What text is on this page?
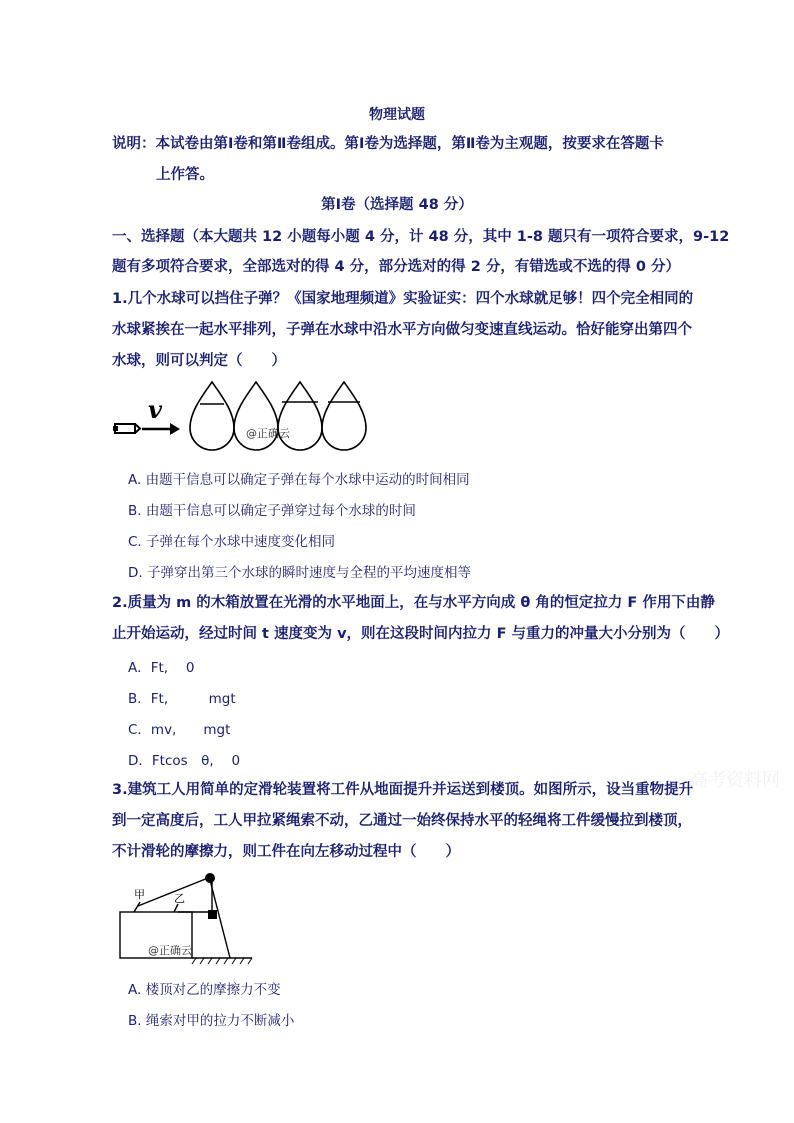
物理试题
说明：本试卷由第Ⅰ卷和第Ⅱ卷组成。第Ⅰ卷为选择题，第Ⅱ卷为主观题，按要求在答题卡
上作答。
第Ⅰ卷（选择题 48 分）
一、选择题（本大题共 12 小题每小题 4 分，计 48 分，其中 1-8 题只有一项符合要求，9-12
题有多项符合要求，全部选对的得 4 分，部分选对的得 2 分，有错选或不选的得 0 分）
1.几个水球可以挡住子弹？《国家地理频道》实验证实：四个水球就足够！四个完全相同的
水球紧挨在一起水平排列，子弹在水球中沿水平方向做匀变速直线运动。恰好能穿出第四个
水球，则可以判定（　　）
v
@正确云
A. 由题干信息可以确定子弹在每个水球中运动的时间相同
B. 由题干信息可以确定子弹穿过每个水球的时间
C. 子弹在每个水球中速度变化相同
D. 子弹穿出第三个水球的瞬时速度与全程的平均速度相等
2.质量为 m 的木箱放置在光滑的水平地面上，在与水平方向成 θ 角的恒定拉力 F 作用下由静
止开始运动，经过时间 t 速度变为 v，则在这段时间内拉力 F 与重力的冲量大小分别为（　　）
A．Ft,　 0
B．Ft,　　　mgt
C．mv,　　mgt
D．Ftcos　θ,　 0
高考资料网
3.建筑工人用简单的定滑轮装置将工件从地面提升并运送到楼顶。如图所示，设当重物提升
到一定高度后，工人甲拉紧绳索不动，乙通过一始终保持水平的轻绳将工件缓慢拉到楼顶，
不计滑轮的摩擦力，则工件在向左移动过程中（　　）
甲	乙
@正确云
A. 楼顶对乙的摩擦力不变
B. 绳索对甲的拉力不断减小
